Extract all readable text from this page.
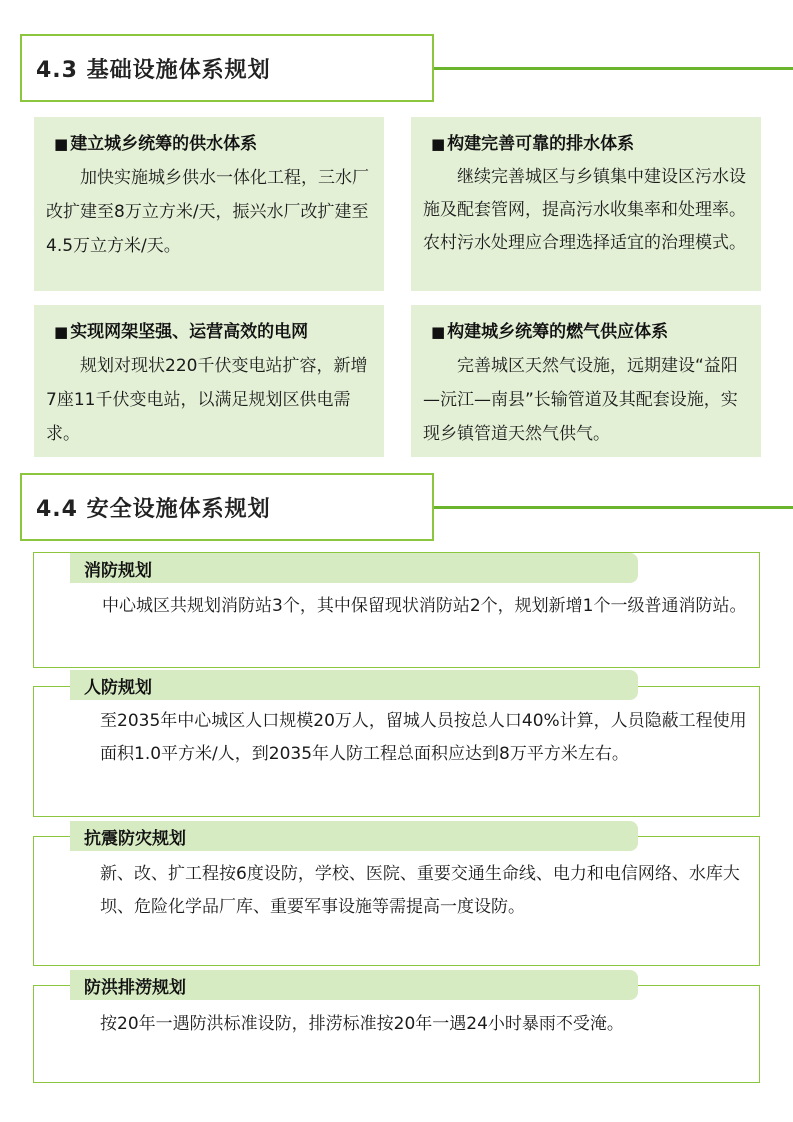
4.3 基础设施体系规划
■ 建立城乡统筹的供水体系

加快实施城乡供水一体化工程，三水厂改扩建至8万立方米/天，振兴水厂改扩建至4.5万立方米/天。

■ 构建完善可靠的排水体系

继续完善城区与乡镇集中建设区污水设施及配套管网，提高污水收集率和处理率。农村污水处理应合理选择适宜的治理模式。

■ 实现网架坚强、运营高效的电网

规划对现状220千伏变电站扩容，新增7座11千伏变电站，以满足规划区供电需求。

■ 构建城乡统筹的燃气供应体系

完善城区天然气设施，远期建设“益阳—沅江—南县”长输管道及其配套设施，实现乡镇管道天然气供气。

4.4 安全设施体系规划
消防规划

中心城区共规划消防站3个，其中保留现状消防站2个，规划新增1个一级普通消防站。

人防规划

至2035年中心城区人口规模20万人，留城人员按总人口40%计算，人员隐蔽工程使用面积1.0平方米/人，到2035年人防工程总面积应达到8万平方米左右。

抗震防灾规划

新、改、扩工程按6度设防，学校、医院、重要交通生命线、电力和电信网络、水库大坝、危险化学品厂库、重要军事设施等需提高一度设防。

防洪排涝规划

按20年一遇防洪标准设防，排涝标准按20年一遇24小时暴雨不受淹。
